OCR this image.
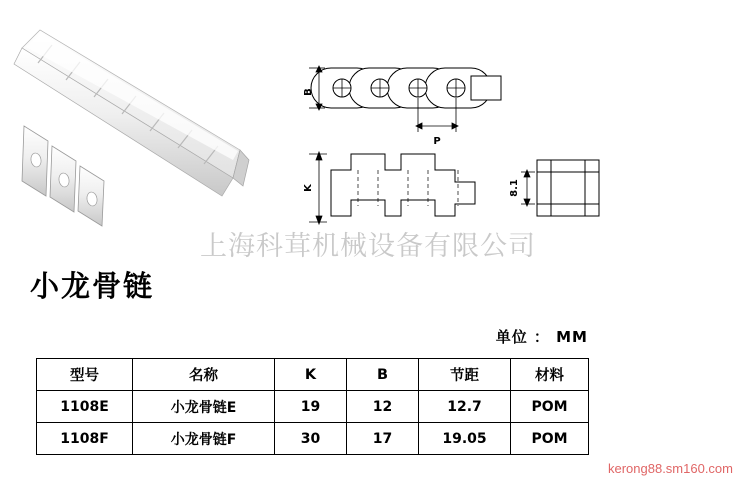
B
P
K	8.1
上海科茸机械设备有限公司
小龙骨链
单位 ： MM
型号	名称	K	B	节距	材料
1108E	小龙骨链E	19	12	12.7	POM
1108F	小龙骨链F	30	17	19.05	POM
kerong88.sm160.com
